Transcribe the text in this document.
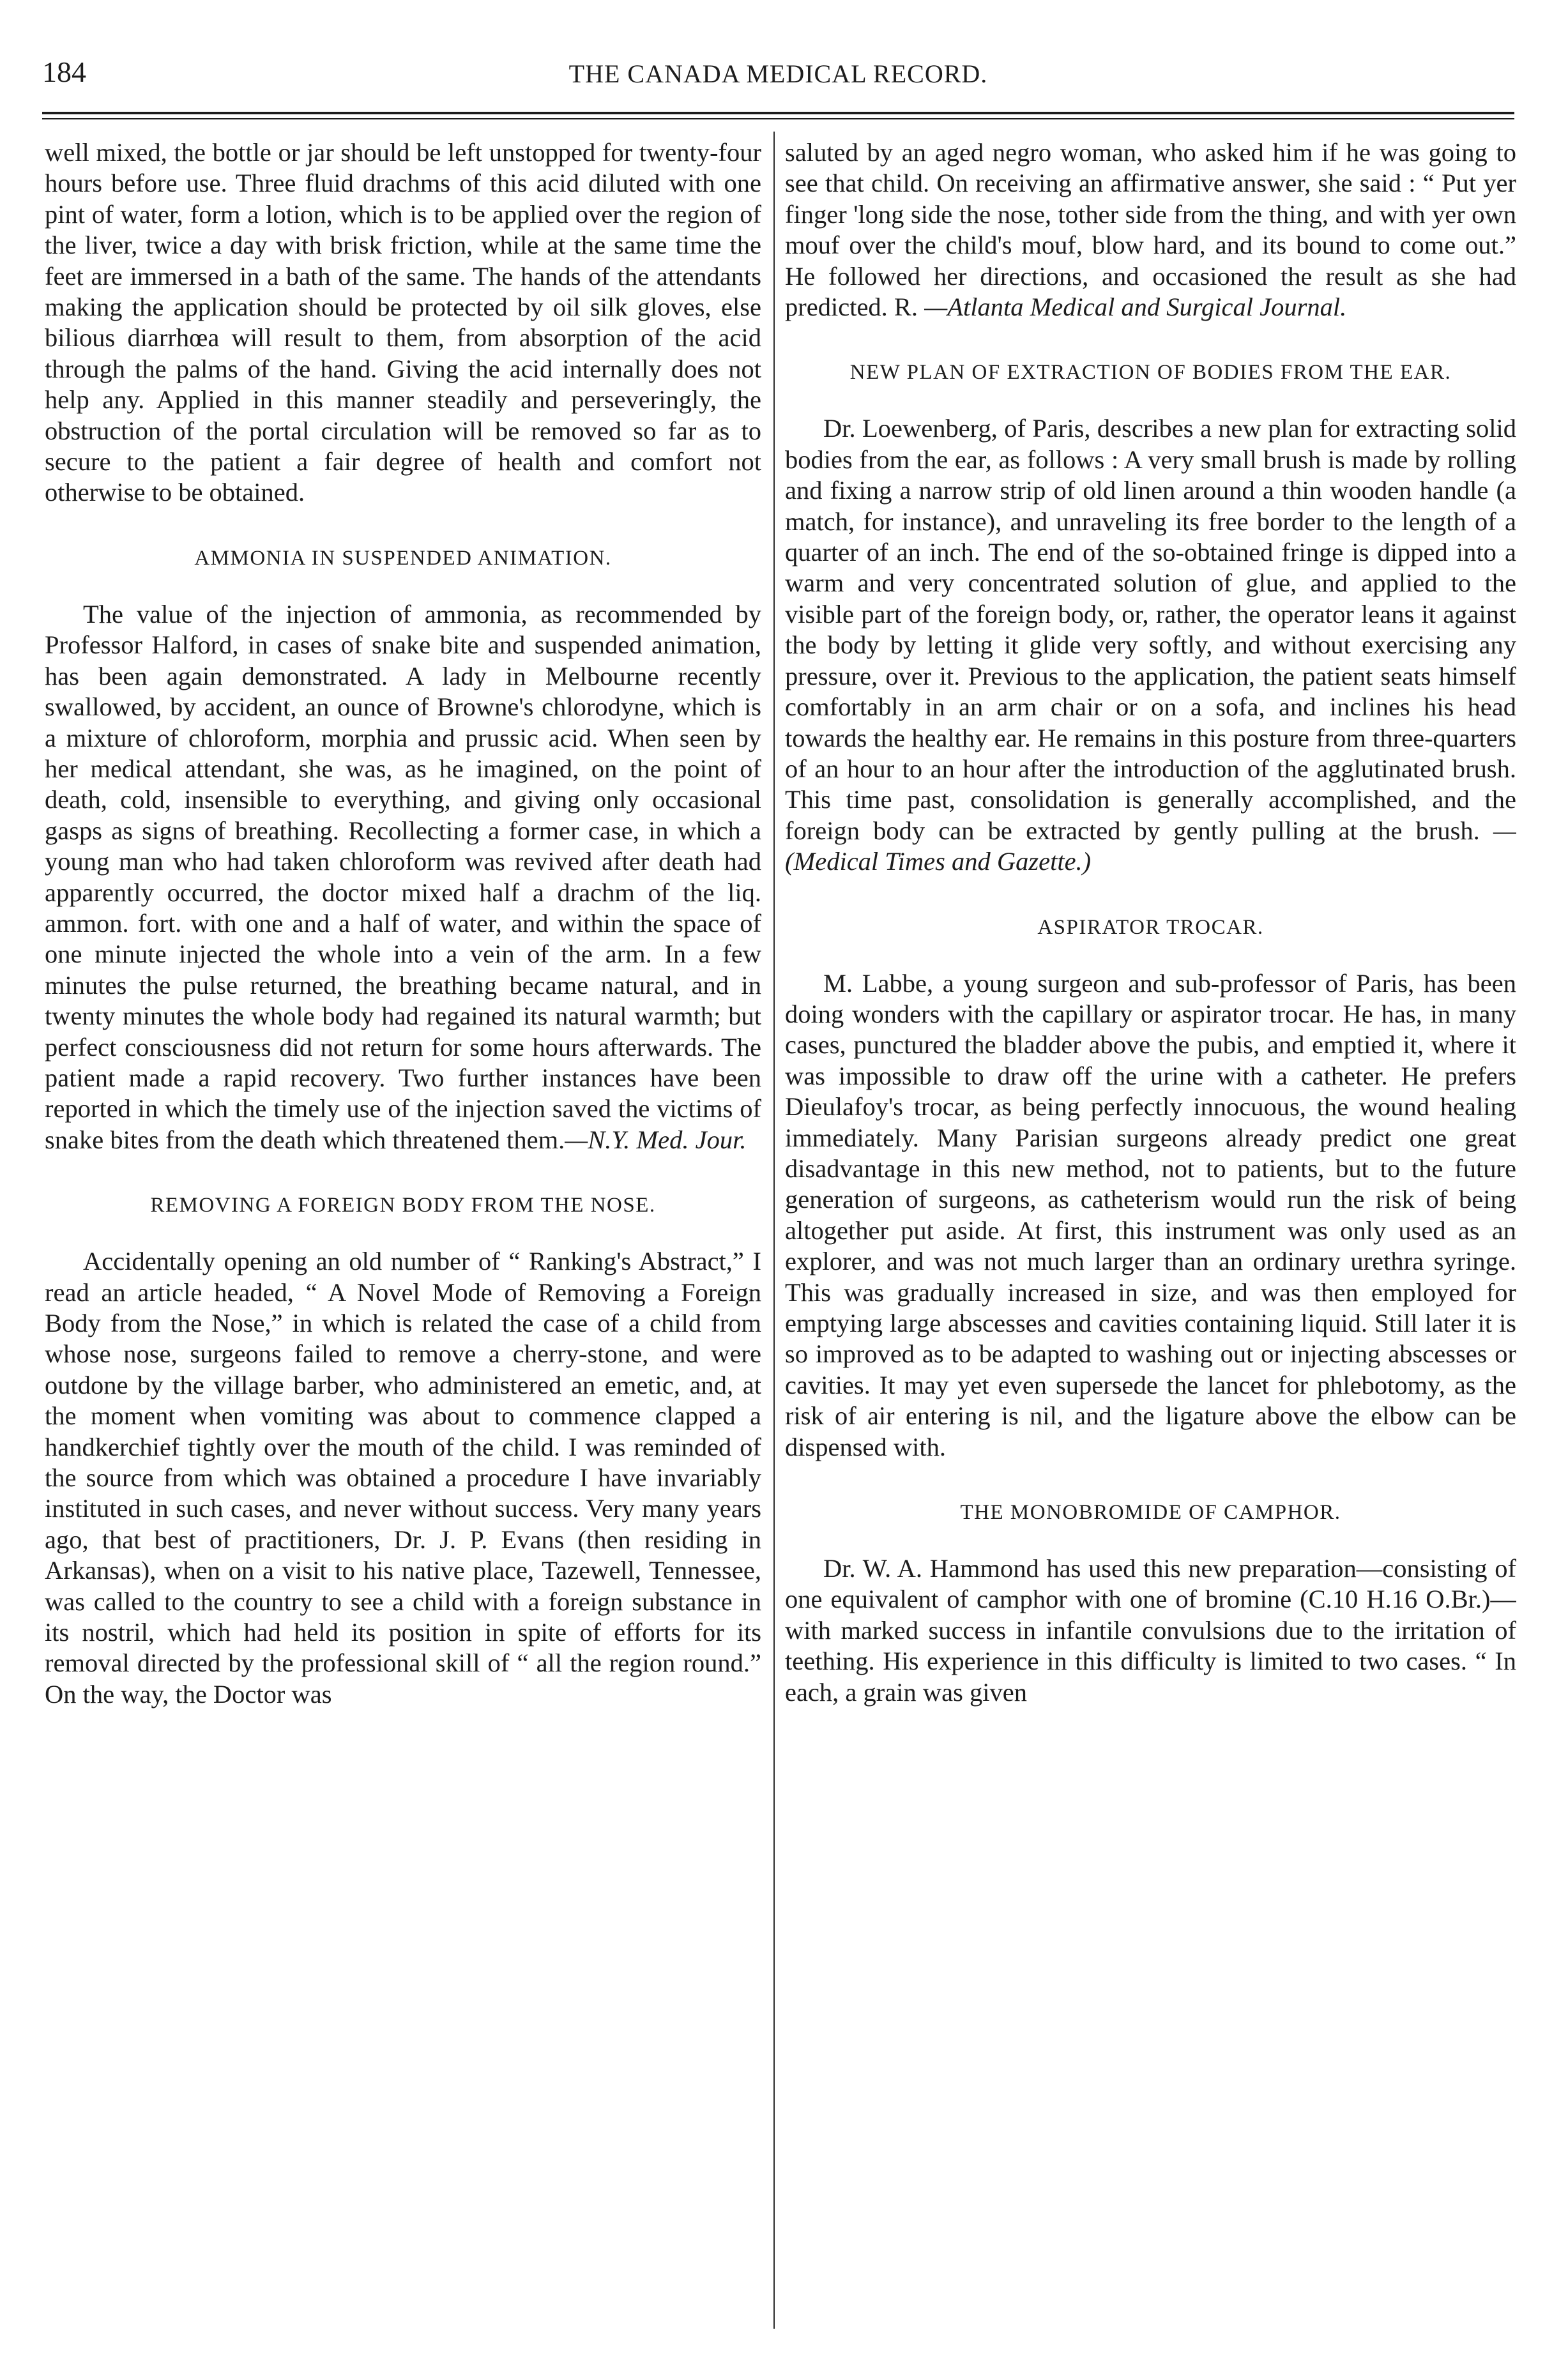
184	THE CANADA MEDICAL RECORD.

well mixed, the bottle or jar should be left unstopped for twenty-four hours before use. Three fluid drachms of this acid diluted with one pint of water, form a lotion, which is to be applied over the region of the liver, twice a day with brisk friction, while at the same time the feet are immersed in a bath of the same. The hands of the attendants making the application should be protected by oil silk gloves, else bilious diarrhœa will result to them, from absorption of the acid through the palms of the hand. Giving the acid internally does not help any. Applied in this manner steadily and perseveringly, the obstruction of the portal circulation will be removed so far as to secure to the patient a fair degree of health and comfort not otherwise to be obtained.

AMMONIA IN SUSPENDED ANIMATION.

The value of the injection of ammonia, as recommended by Professor Halford, in cases of snake bite and suspended animation, has been again demonstrated. A lady in Melbourne recently swallowed, by accident, an ounce of Browne's chlorodyne, which is a mixture of chloroform, morphia and prussic acid. When seen by her medical attendant, she was, as he imagined, on the point of death, cold, insensible to everything, and giving only occasional gasps as signs of breathing. Recollecting a former case, in which a young man who had taken chloroform was revived after death had apparently occurred, the doctor mixed half a drachm of the liq. ammon. fort. with one and a half of water, and within the space of one minute injected the whole into a vein of the arm. In a few minutes the pulse returned, the breathing became natural, and in twenty minutes the whole body had regained its natural warmth; but perfect consciousness did not return for some hours afterwards. The patient made a rapid recovery. Two further instances have been reported in which the timely use of the injection saved the victims of snake bites from the death which threatened them.—N.Y. Med. Jour.

REMOVING A FOREIGN BODY FROM THE NOSE.

Accidentally opening an old number of “ Ranking's Abstract,” I read an article headed, “ A Novel Mode of Removing a Foreign Body from the Nose,” in which is related the case of a child from whose nose, surgeons failed to remove a cherry-stone, and were outdone by the village barber, who administered an emetic, and, at the moment when vomiting was about to commence clapped a handkerchief tightly over the mouth of the child. I was reminded of the source from which was obtained a procedure I have invariably instituted in such cases, and never without success. Very many years ago, that best of practitioners, Dr. J. P. Evans (then residing in Arkansas), when on a visit to his native place, Tazewell, Tennessee, was called to the country to see a child with a foreign substance in its nostril, which had held its position in spite of efforts for its removal directed by the professional skill of “ all the region round.” On the way, the Doctor was

saluted by an aged negro woman, who asked him if he was going to see that child. On receiving an affirmative answer, she said : “ Put yer finger 'long side the nose, tother side from the thing, and with yer own mouf over the child's mouf, blow hard, and its bound to come out.” He followed her directions, and occasioned the result as she had predicted. R. —Atlanta Medical and Surgical Journal.

NEW PLAN OF EXTRACTION OF BODIES FROM THE EAR.

Dr. Loewenberg, of Paris, describes a new plan for extracting solid bodies from the ear, as follows : A very small brush is made by rolling and fixing a narrow strip of old linen around a thin wooden handle (a match, for instance), and unraveling its free border to the length of a quarter of an inch. The end of the so-obtained fringe is dipped into a warm and very concentrated solution of glue, and applied to the visible part of the foreign body, or, rather, the operator leans it against the body by letting it glide very softly, and without exercising any pressure, over it. Previous to the application, the patient seats himself comfortably in an arm chair or on a sofa, and inclines his head towards the healthy ear. He remains in this posture from three-quarters of an hour to an hour after the introduction of the agglutinated brush. This time past, consolidation is generally accomplished, and the foreign body can be extracted by gently pulling at the brush. —(Medical Times and Gazette.)

ASPIRATOR TROCAR.

M. Labbe, a young surgeon and sub-professor of Paris, has been doing wonders with the capillary or aspirator trocar. He has, in many cases, punctured the bladder above the pubis, and emptied it, where it was impossible to draw off the urine with a catheter. He prefers Dieulafoy's trocar, as being perfectly innocuous, the wound healing immediately. Many Parisian surgeons already predict one great disadvantage in this new method, not to patients, but to the future generation of surgeons, as catheterism would run the risk of being altogether put aside. At first, this instrument was only used as an explorer, and was not much larger than an ordinary urethra syringe. This was gradually increased in size, and was then employed for emptying large abscesses and cavities containing liquid. Still later it is so improved as to be adapted to washing out or injecting abscesses or cavities. It may yet even supersede the lancet for phlebotomy, as the risk of air entering is nil, and the ligature above the elbow can be dispensed with.

THE MONOBROMIDE OF CAMPHOR.

Dr. W. A. Hammond has used this new preparation—consisting of one equivalent of camphor with one of bromine (C.10 H.16 O.Br.)—with marked success in infantile convulsions due to the irritation of teething. His experience in this difficulty is limited to two cases. “ In each, a grain was given
